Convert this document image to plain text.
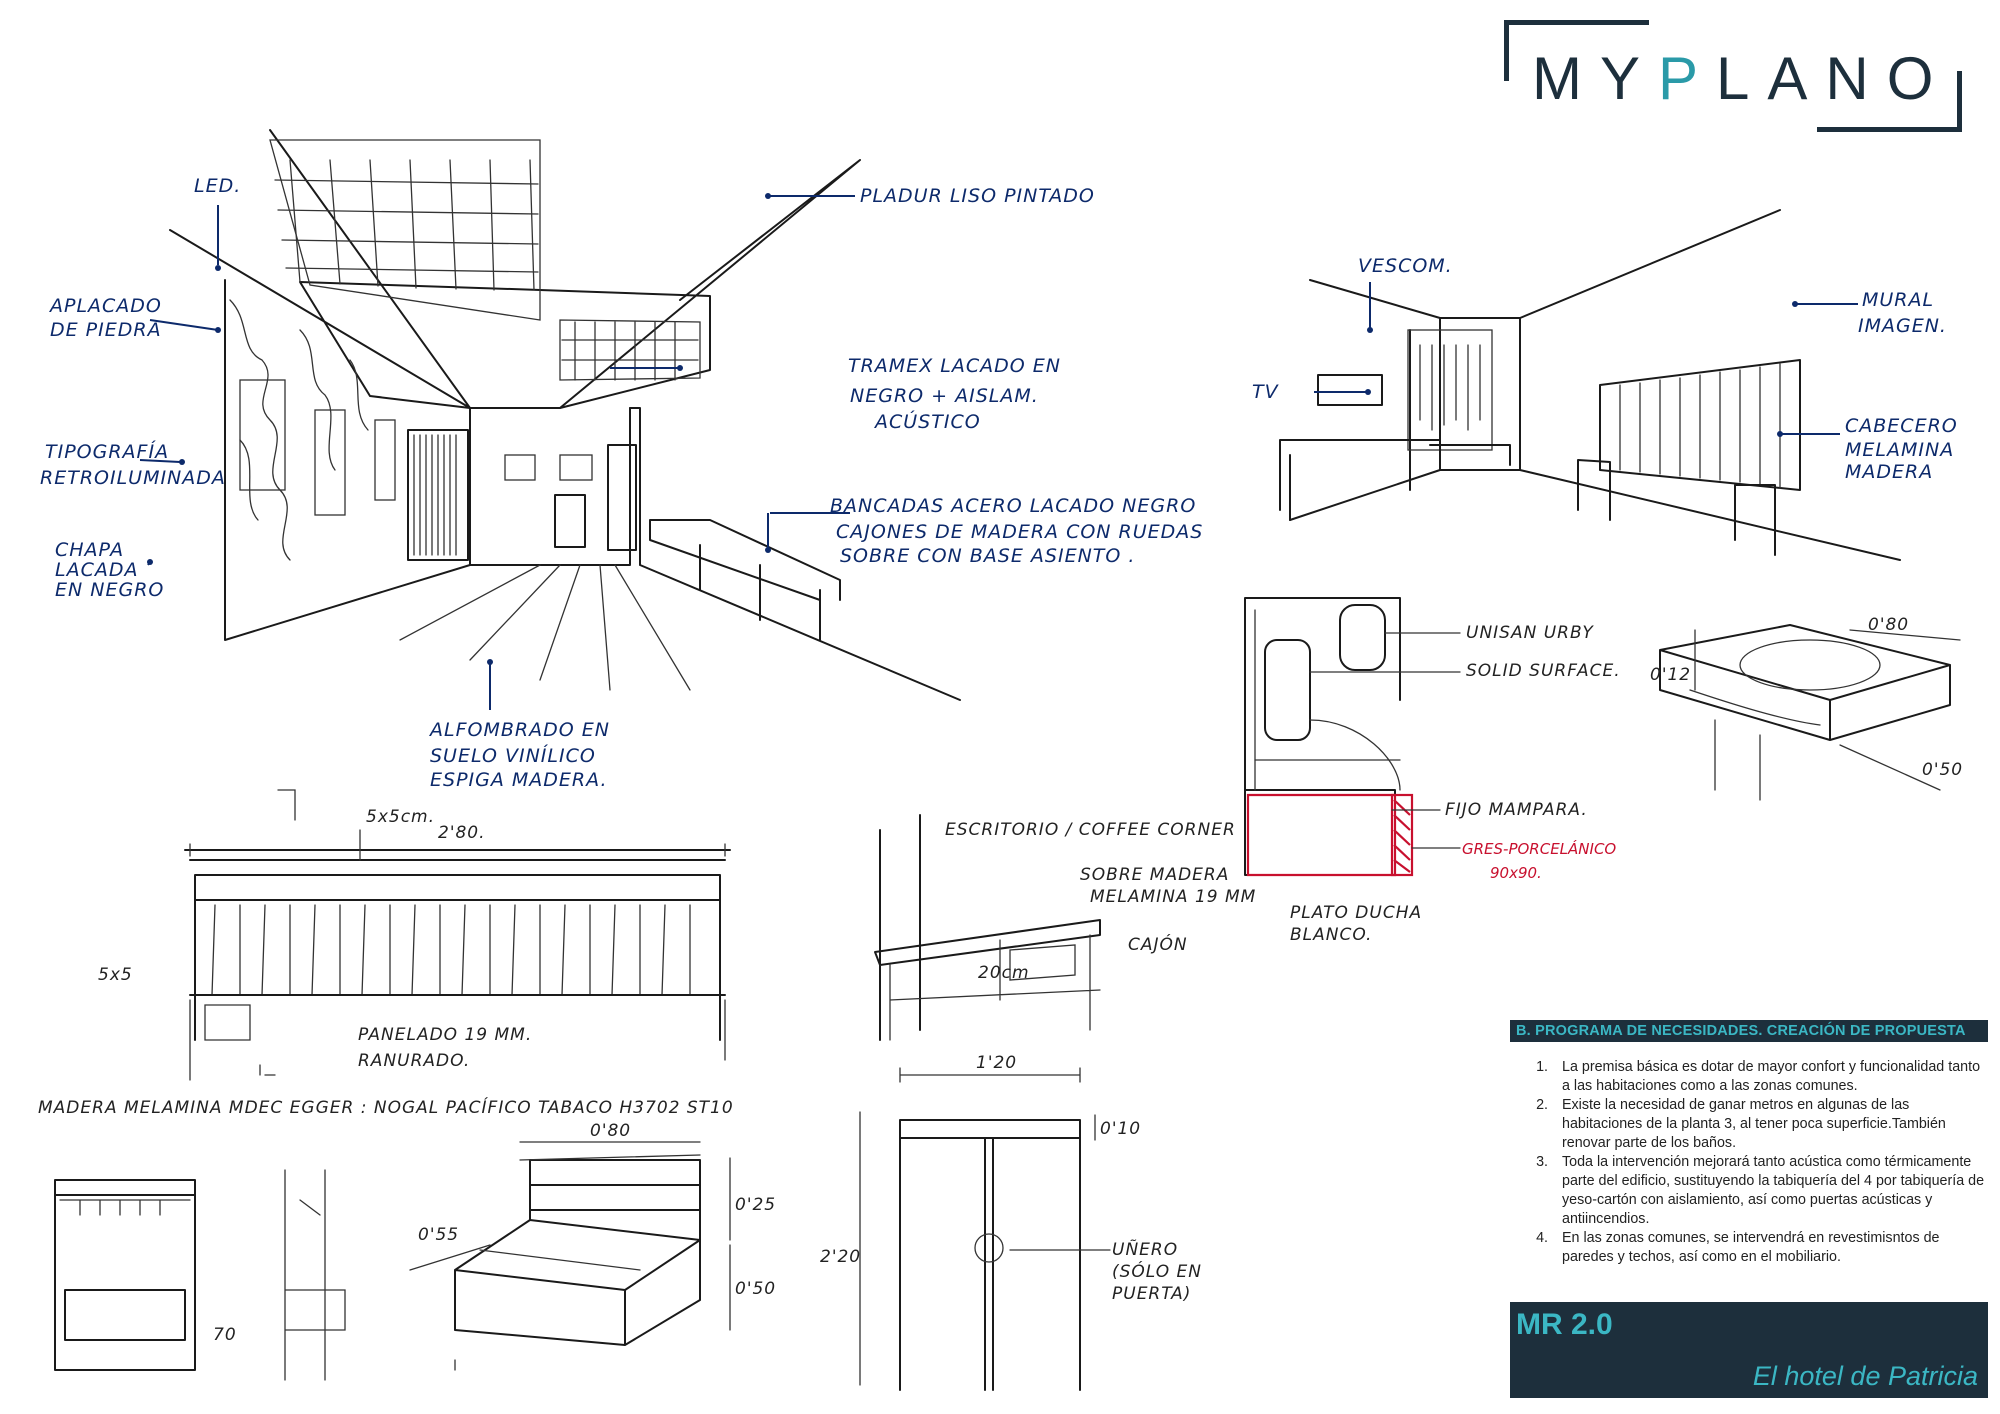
LED.
APLACADO
DE PIEDRA
TIPOGRAFÍA
RETROILUMINADA
CHAPA
LACADA
EN NEGRO
PLADUR LISO PINTADO
TRAMEX LACADO EN
NEGRO + AISLAM.
ACÚSTICO
BANCADAS ACERO LACADO NEGRO
CAJONES DE MADERA CON RUEDAS
SOBRE CON BASE ASIENTO .
ALFOMBRADO EN
SUELO VINÍLICO
ESPIGA MADERA.
VESCOM.
TV
MURAL
IMAGEN.
CABECERO
MELAMINA
MADERA
UNISAN URBY
SOLID SURFACE.
FIJO MAMPARA.
GRES-PORCELÁNICO
90x90.
PLATO DUCHA
BLANCO.
0'80
0'12
0'50
5x5cm.
2'80.
5x5
PANELADO 19 MM.
RANURADO.
ESCRITORIO / COFFEE CORNER
SOBRE MADERA
MELAMINA 19 MM
CAJÓN
20cm
MADERA MELAMINA MDEC EGGER : NOGAL PACÍFICO TABACO H3702 ST10
70
0'80
0'25
0'55
0'50
1'20
0'10
2'20	UÑERO
(SÓLO EN
PUERTA)
MYPLANO
B. PROGRAMA DE NECESIDADES. CREACIÓN DE PROPUESTA
1. La premisa básica es dotar de mayor confort y funcionalidad tanto a las habitaciones como a las zonas comunes.
2. Existe la necesidad de ganar metros en algunas de las habitaciones de la planta 3, al tener poca superficie.También renovar parte de los baños.
3. Toda la intervención mejorará tanto acústica como térmicamente parte del edificio, sustituyendo la tabiquería del 4 por tabiquería de yeso-cartón con aislamiento, así como puertas acústicas y antiincendios.
4. En las zonas comunes, se intervendrá en revestimisntos de paredes y techos, así como en el mobiliario.
MR 2.0
El hotel de Patricia
